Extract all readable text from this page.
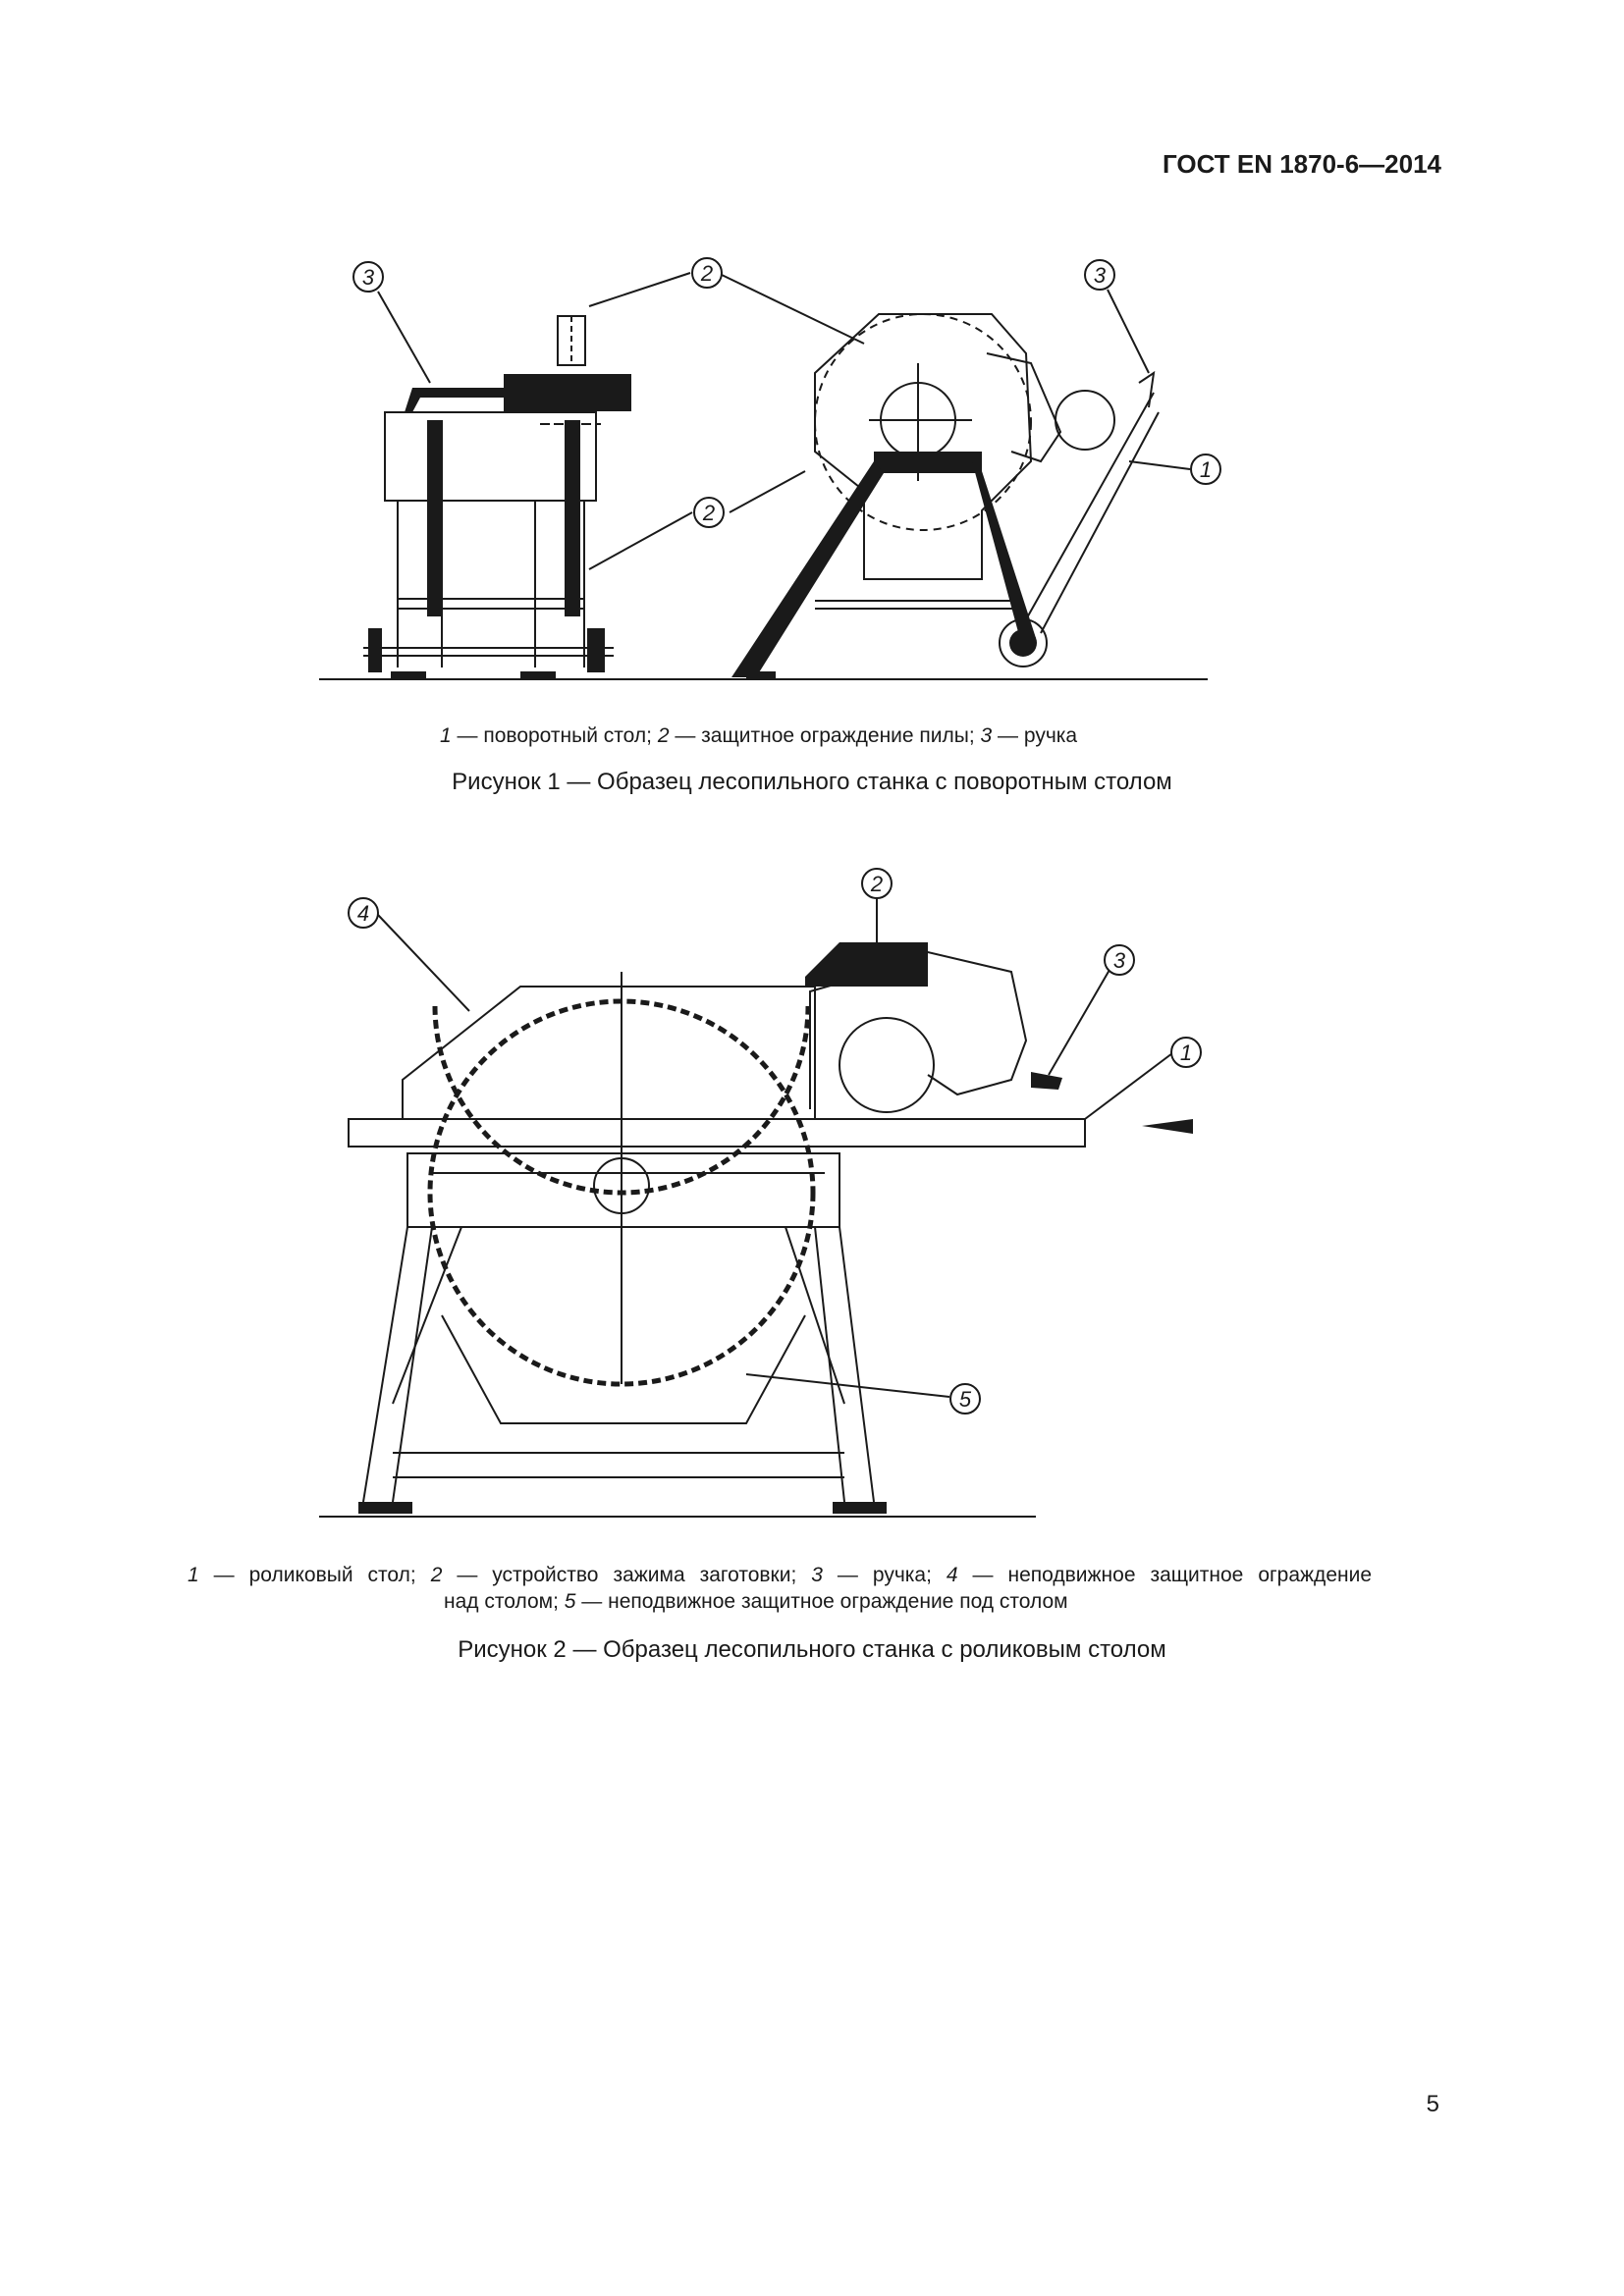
ГОСТ EN 1870-6—2014
3	2
2
3
1
1 — поворотный стол; 2 — защитное ограждение пилы; 3 — ручка
Рисунок 1 — Образец лесопильного станка с поворотным столом
4
2
3
1
5
1 — роликовый стол; 2 — устройство зажима заготовки; 3 — ручка; 4 — неподвижное защитное ограждение
над столом; 5 — неподвижное защитное ограждение под столом
Рисунок 2 — Образец лесопильного станка с роликовым столом
5
